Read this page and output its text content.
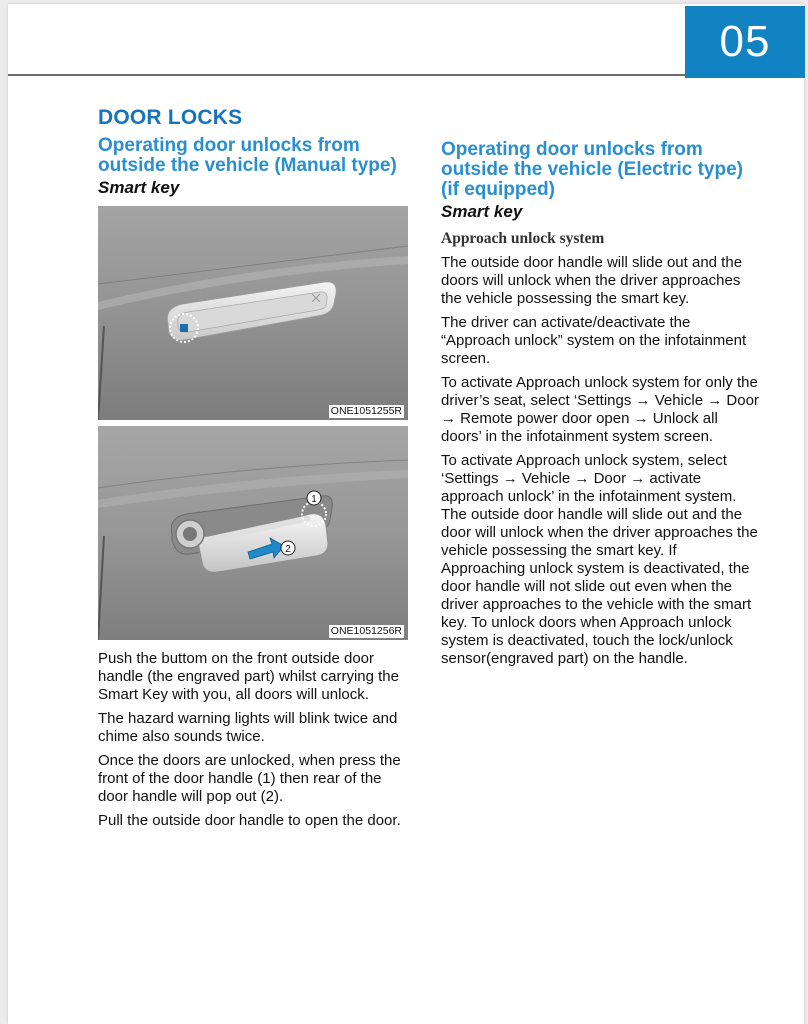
05
DOOR LOCKS
Operating door unlocks from outside the vehicle (Manual type)
Smart key
ONE1051255R
1
2
ONE1051256R

Push the buttom on the front outside door handle (the engraved part) whilst carrying the Smart Key with you, all doors will unlock.

The hazard warning lights will blink twice and chime also sounds twice.

Once the doors are unlocked, when press the front of the door handle (1) then rear of the door handle will pop out (2).

Pull the outside door handle to open the door.

Operating door unlocks from outside the vehicle (Electric type) (if equipped)
Smart key
Approach unlock system

The outside door handle will slide out and the doors will unlock when the driver approaches the vehicle possessing the smart key.

The driver can activate/deactivate the “Approach unlock” system on the infotainment screen.

To activate Approach unlock system for only the driver’s seat, select ‘Settings → Vehicle → Door → Remote power door open → Unlock all doors’ in the infotainment system screen.

To activate Approach unlock system, select ‘Settings → Vehicle → Door → activate approach unlock’ in the infotainment system. The outside door handle will slide out and the door will unlock when the driver approaches the vehicle possessing the smart key. If Approaching unlock system is deactivated, the door handle will not slide out even when the driver approaches to the vehicle with the smart key. To unlock doors when Approach unlock system is deactivated, touch the lock/unlock sensor(engraved part) on the handle.
